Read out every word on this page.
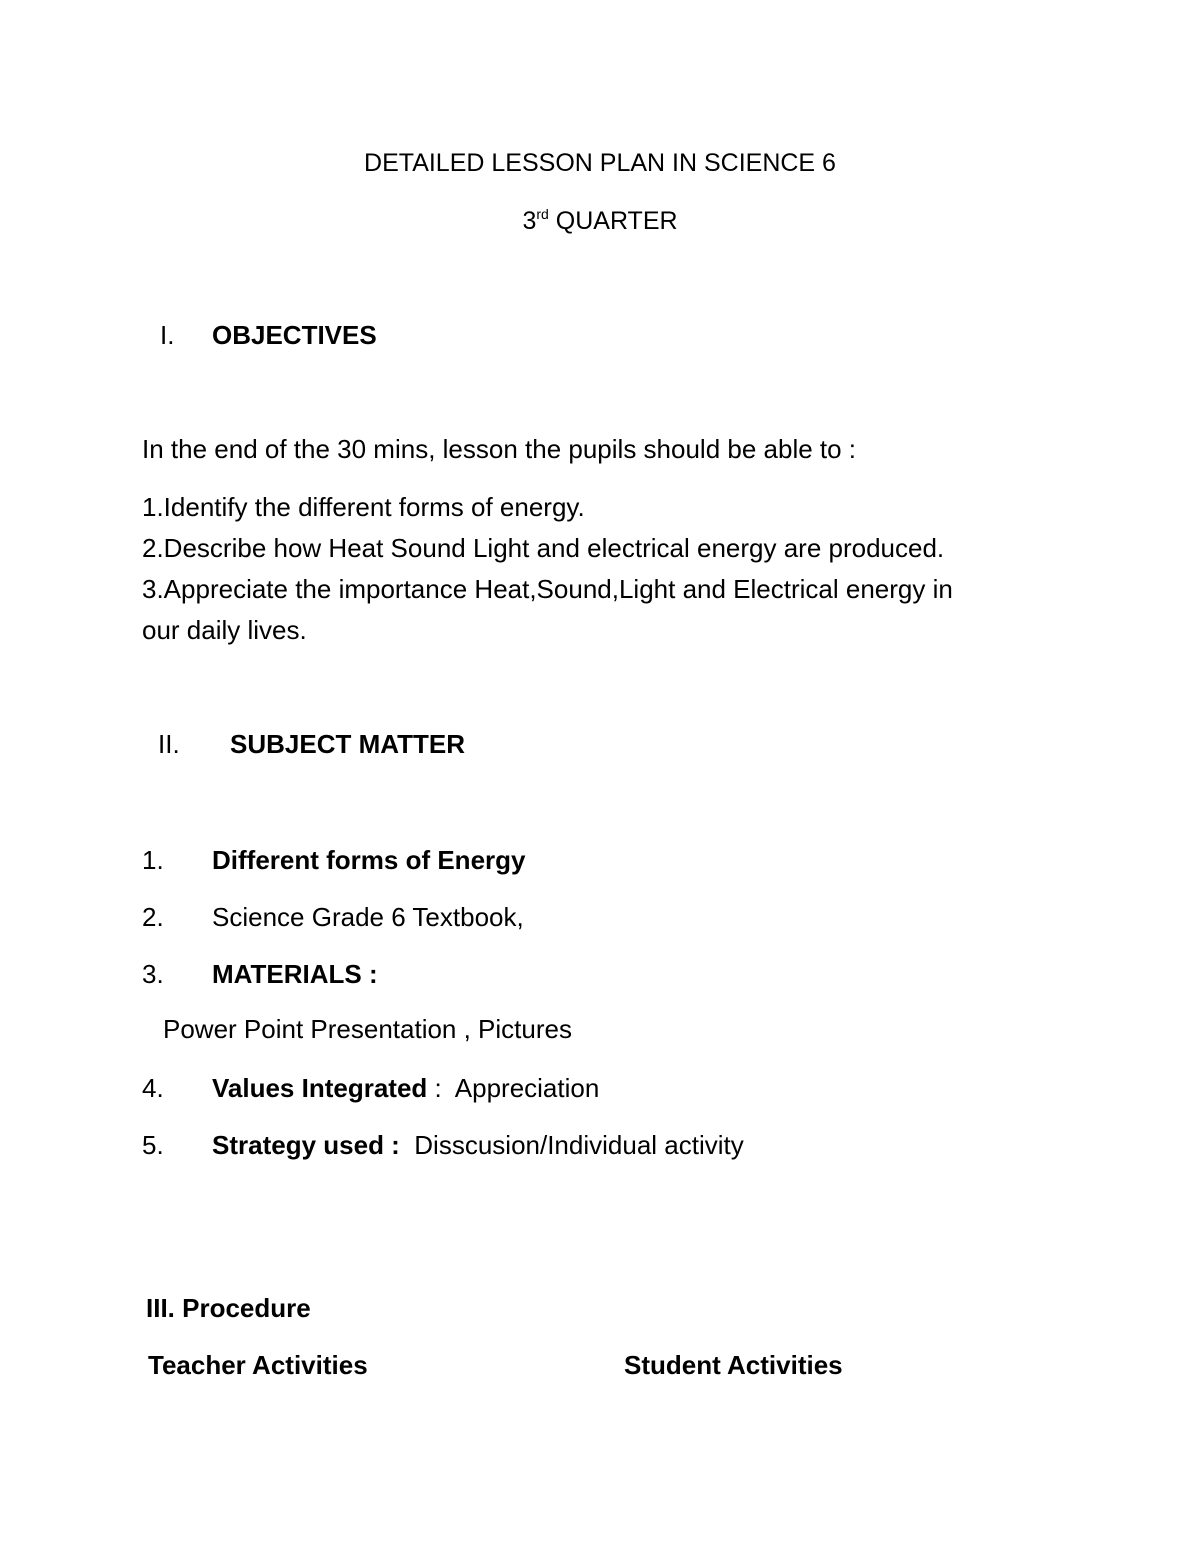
DETAILED LESSON PLAN IN SCIENCE 6
3rd QUARTER
I. OBJECTIVES
In the end of the 30 mins, lesson the pupils should be able to :
1.Identify the different forms of energy.
2.Describe how Heat Sound Light and electrical energy are produced.
3.Appreciate the importance Heat,Sound,Light and Electrical energy in
our daily lives.
II. SUBJECT MATTER
1. Different forms of Energy
2. Science Grade 6 Textbook,
3. MATERIALS :
Power Point Presentation , Pictures
4. Values Integrated :  Appreciation
5. Strategy used :  Disscusion/Individual activity
III. Procedure
Teacher Activities	Student Activities
